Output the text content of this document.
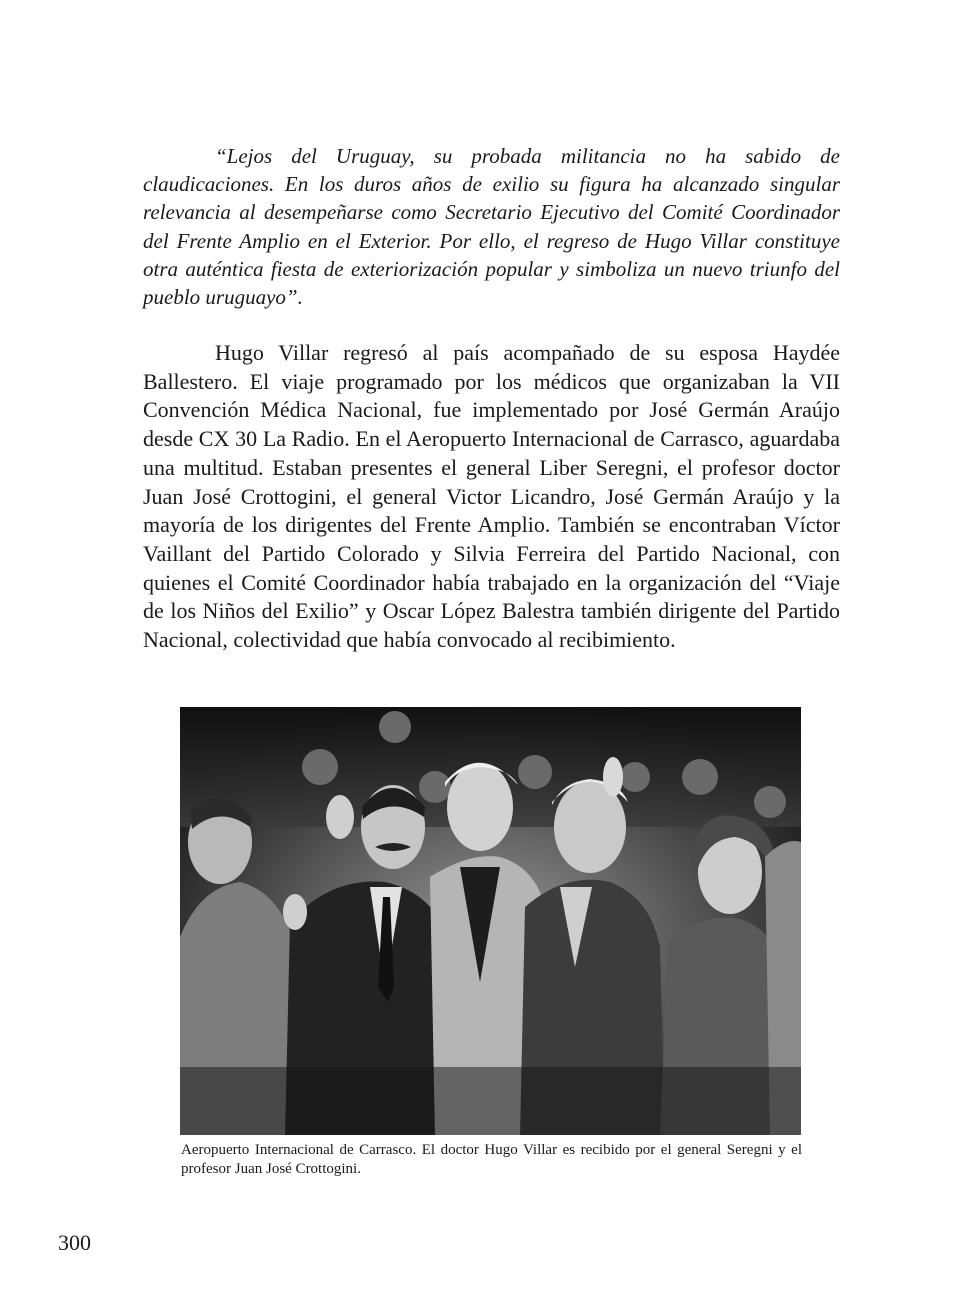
“Lejos del Uruguay, su probada militancia no ha sabido de claudicaciones. En los duros años de exilio su figura ha alcanzado singular relevancia al desempeñarse como Secretario Ejecutivo del Comité Coordinador del Frente Amplio en el Exterior. Por ello, el regreso de Hugo Villar constituye otra auténtica fiesta de exteriorización popular y simboliza un nuevo triunfo del pueblo uruguayo”.

Hugo Villar regresó al país acompañado de su esposa Haydée Ballestero. El viaje programado por los médicos que organizaban la VII Convención Médica Nacional, fue implementado por José Germán Araújo desde CX 30 La Radio. En el Aeropuerto Internacional de Carrasco, aguardaba una multitud. Estaban presentes el general Liber Seregni, el profesor doctor Juan José Crottogini, el general Victor Licandro, José Germán Araújo y la mayoría de los dirigentes del Frente Amplio. También se encontraban Víctor Vaillant del Partido Colorado y Silvia Ferreira del Partido Nacional, con quienes el Comité Coordinador había trabajado en la organización del “Viaje de los Niños del Exilio” y Oscar López Balestra también dirigente del Partido Nacional, colectividad que había convocado al recibimiento.

Aeropuerto Internacional de Carrasco. El doctor Hugo Villar es recibido por el general Seregni y el profesor Juan José Crottogini.

300
